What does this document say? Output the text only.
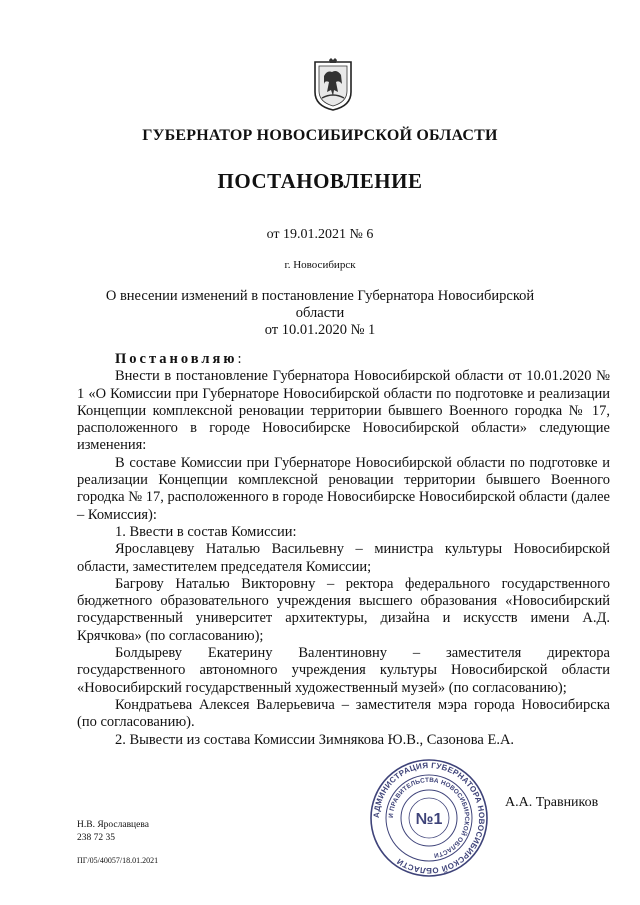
ГУБЕРНАТОР НОВОСИБИРСКОЙ ОБЛАСТИ
ПОСТАНОВЛЕНИЕ
от 19.01.2021 № 6
г. Новосибирск
О внесении изменений в постановление Губернатора Новосибирской области
от 10.01.2020 № 1

Постановляю:

Внести в постановление Губернатора Новосибирской области от 10.01.2020 № 1 «О Комиссии при Губернаторе Новосибирской области по подготовке и реализации Концепции комплексной реновации территории бывшего Военного городка № 17, расположенного в городе Новосибирске Новосибирской области» следующие изменения:

В составе Комиссии при Губернаторе Новосибирской области по подготовке и реализации Концепции комплексной реновации территории бывшего Военного городка № 17, расположенного в городе Новосибирске Новосибирской области (далее – Комиссия):

1. Ввести в состав Комиссии:

Ярославцеву Наталью Васильевну – министра культуры Новосибирской области, заместителем председателя Комиссии;

Багрову Наталью Викторовну – ректора федерального государственного бюджетного образовательного учреждения высшего образования «Новосибирский государственный университет архитектуры, дизайна и искусств имени А.Д. Крячкова» (по согласованию);

Болдыреву Екатерину Валентиновну – заместителя директора государственного автономного учреждения культуры Новосибирской области «Новосибирский государственный художественный музей» (по согласованию);

Кондратьева Алексея Валерьевича – заместителя мэра города Новосибирска (по согласованию).

2. Вывести из состава Комиссии Зимнякова Ю.В., Сазонова Е.А.

АДМИНИСТРАЦИЯ ГУБЕРНАТОРА НОВОСИБИРСКОЙ ОБЛАСТИ
И ПРАВИТЕЛЬСТВА НОВОСИБИРСКОЙ ОБЛАСТИ
№1
А.А. Травников
Н.В. Ярославцева
238 72 35
ПГ/05/40057/18.01.2021
